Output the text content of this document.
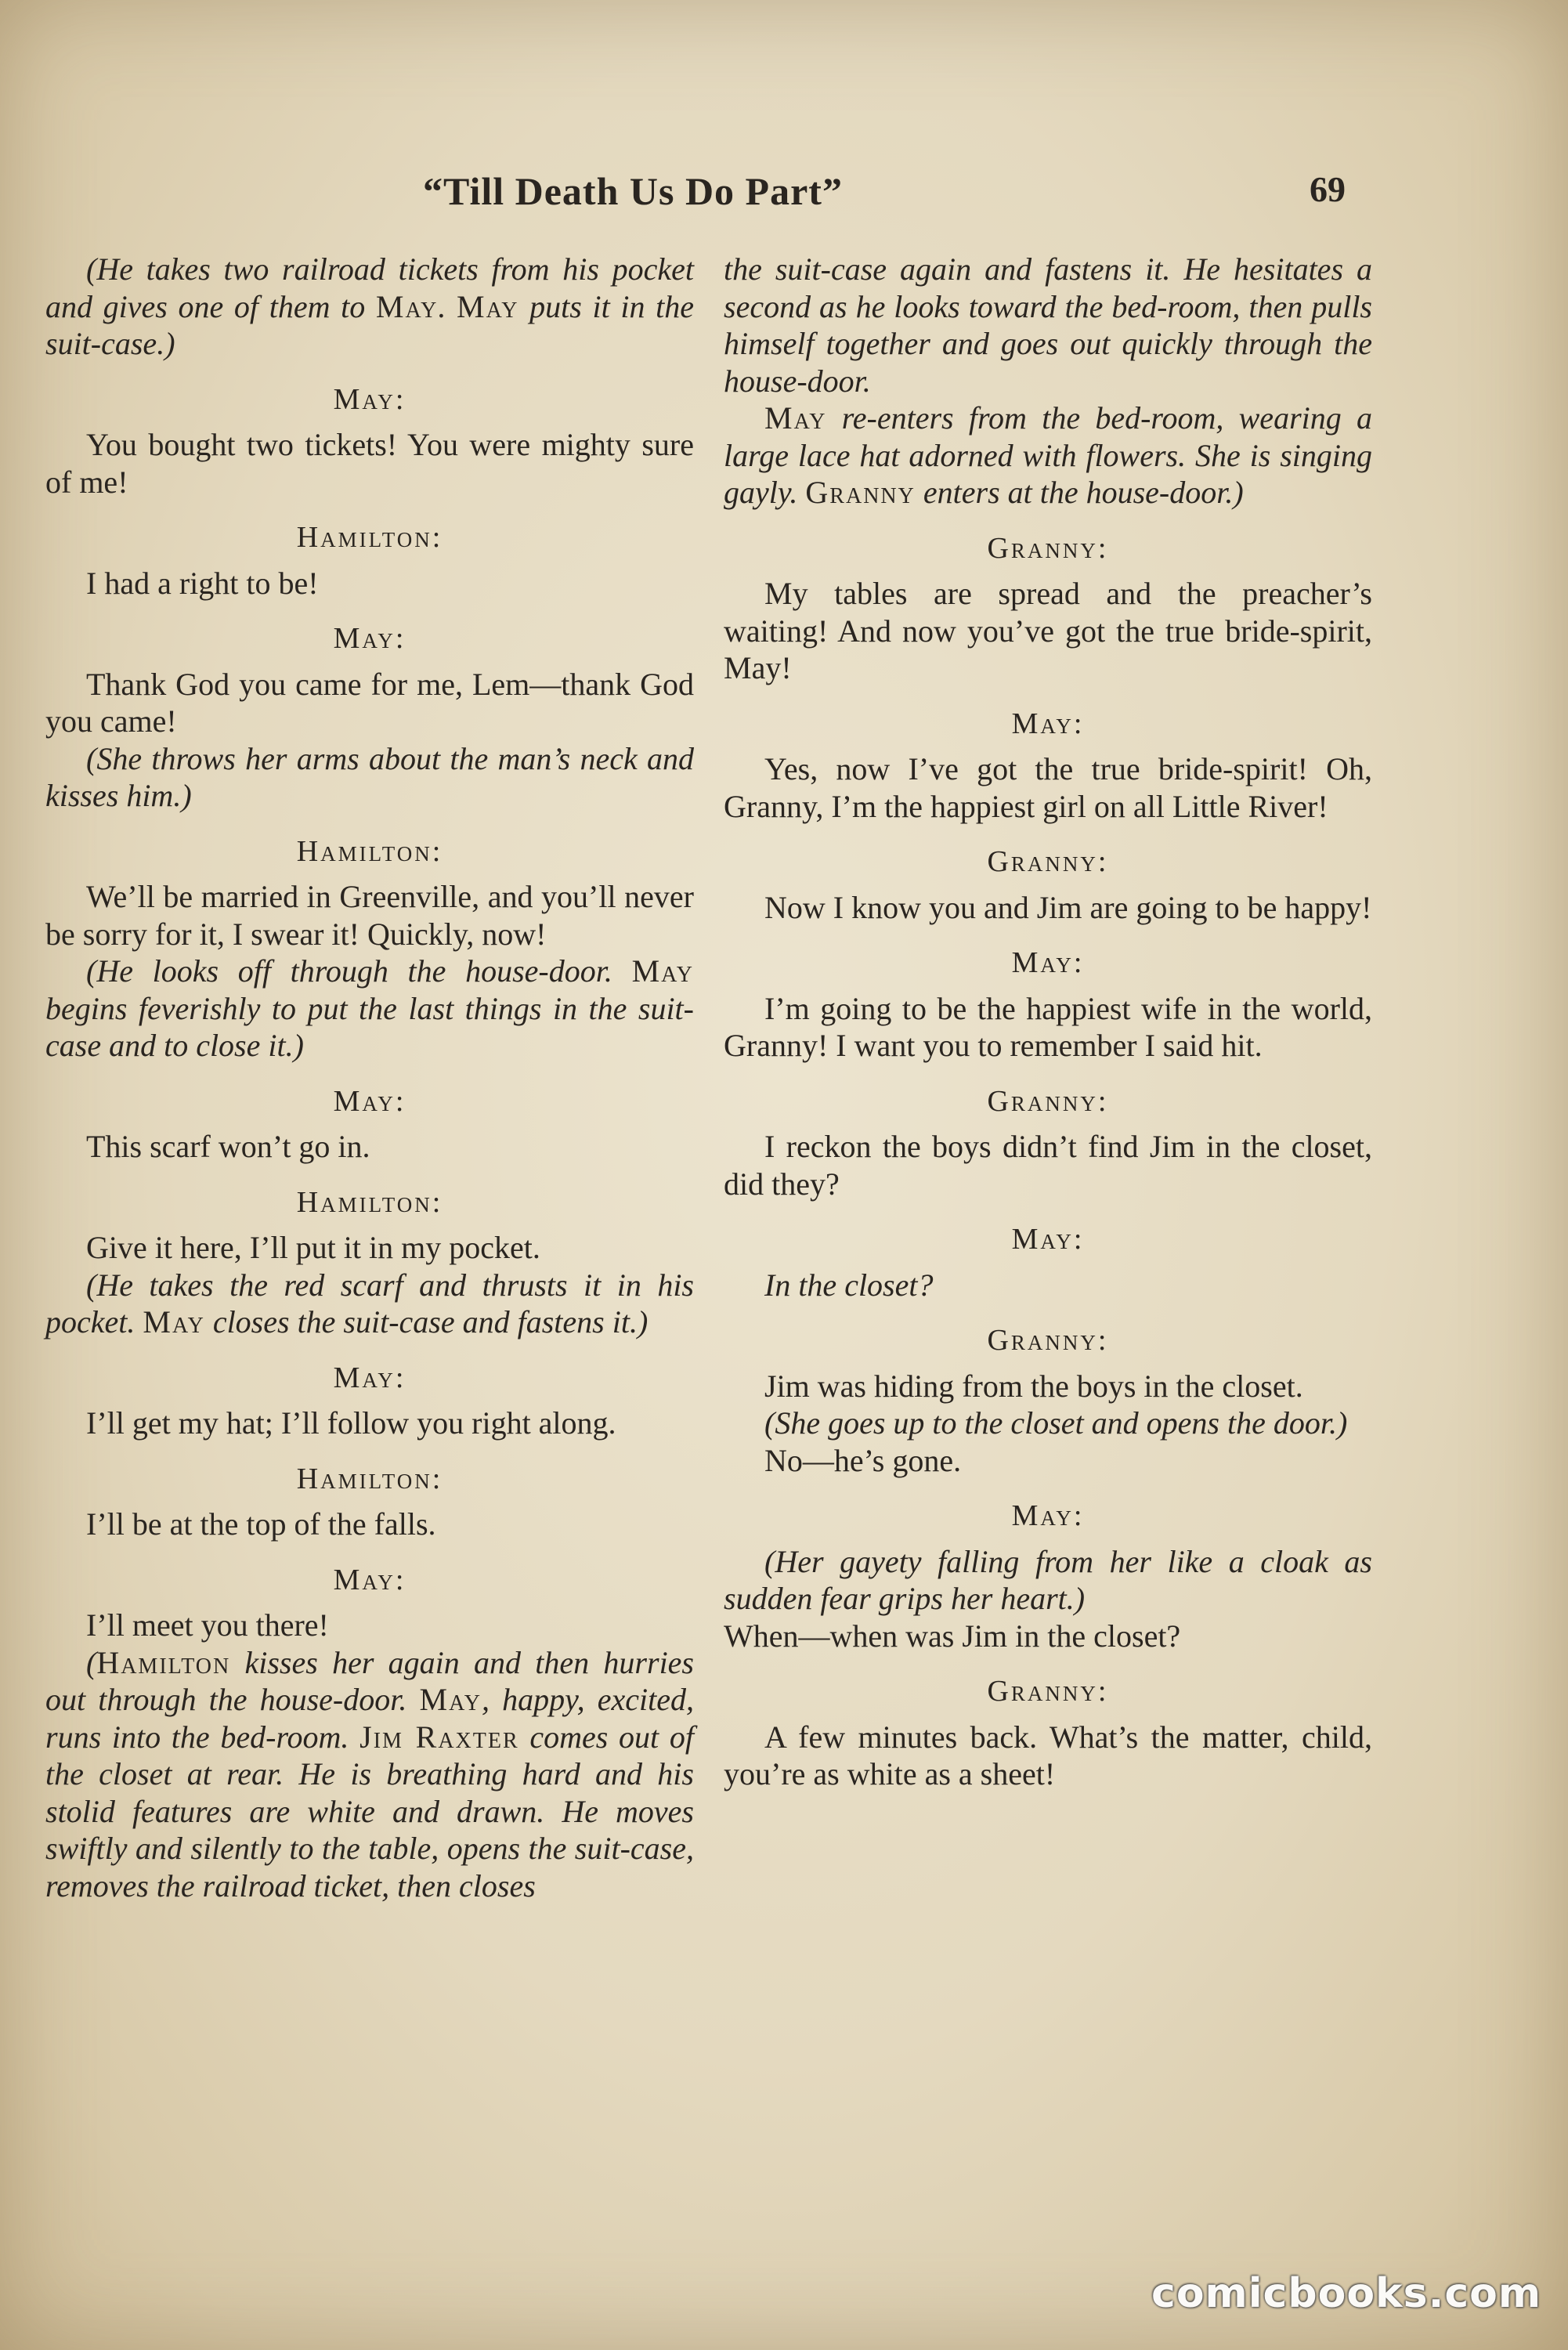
“Till Death Us Do Part”	69

(He takes two railroad tickets from his pocket and gives one of them to May. May puts it in the suit-case.)

May:

You bought two tickets! You were mighty sure of me!

Hamilton:

I had a right to be!

May:

Thank God you came for me, Lem—thank God you came!

(She throws her arms about the man’s neck and kisses him.)

Hamilton:

We’ll be married in Greenville, and you’ll never be sorry for it, I swear it! Quickly, now!

(He looks off through the house-door. May begins feverishly to put the last things in the suit-case and to close it.)

May:

This scarf won’t go in.

Hamilton:

Give it here, I’ll put it in my pocket.

(He takes the red scarf and thrusts it in his pocket. May closes the suit-case and fastens it.)

May:

I’ll get my hat; I’ll follow you right along.

Hamilton:

I’ll be at the top of the falls.

May:

I’ll meet you there!

(Hamilton kisses her again and then hurries out through the house-door. May, happy, excited, runs into the bed-room. Jim Raxter comes out of the closet at rear. He is breathing hard and his stolid features are white and drawn. He moves swiftly and silently to the table, opens the suit-case, removes the railroad ticket, then closes

the suit-case again and fastens it. He hesitates a second as he looks toward the bed-room, then pulls himself together and goes out quickly through the house-door.

May re-enters from the bed-room, wearing a large lace hat adorned with flowers. She is singing gayly. Granny enters at the house-door.)

Granny:

My tables are spread and the preacher’s waiting! And now you’ve got the true bride-spirit, May!

May:

Yes, now I’ve got the true bride-spirit! Oh, Granny, I’m the happiest girl on all Little River!

Granny:

Now I know you and Jim are going to be happy!

May:

I’m going to be the happiest wife in the world, Granny! I want you to remember I said hit.

Granny:

I reckon the boys didn’t find Jim in the closet, did they?

May:

In the closet?

Granny:

Jim was hiding from the boys in the closet.

(She goes up to the closet and opens the door.)

No—he’s gone.

May:

(Her gayety falling from her like a cloak as sudden fear grips her heart.)

When—when was Jim in the closet?

Granny:

A few minutes back. What’s the matter, child, you’re as white as a sheet!

comicbooks.com
